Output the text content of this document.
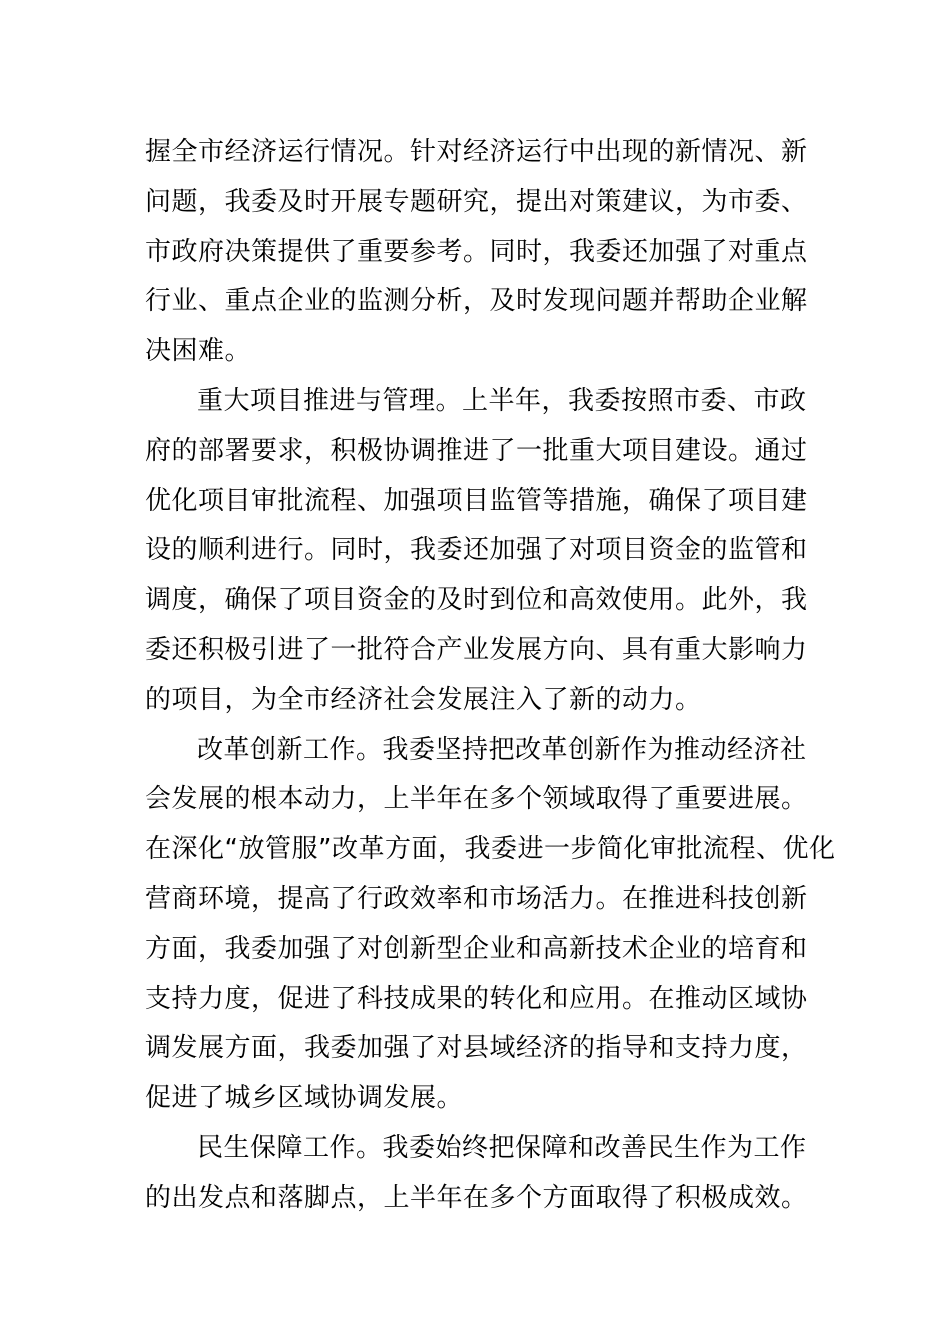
握全市经济运行情况。针对经济运行中出现的新情况、新
问题，我委及时开展专题研究，提出对策建议，为市委、
市政府决策提供了重要参考。同时，我委还加强了对重点
行业、重点企业的监测分析，及时发现问题并帮助企业解
决困难。
重大项目推进与管理。上半年，我委按照市委、市政
府的部署要求，积极协调推进了一批重大项目建设。通过
优化项目审批流程、加强项目监管等措施，确保了项目建
设的顺利进行。同时，我委还加强了对项目资金的监管和
调度，确保了项目资金的及时到位和高效使用。此外，我
委还积极引进了一批符合产业发展方向、具有重大影响力
的项目，为全市经济社会发展注入了新的动力。
改革创新工作。我委坚持把改革创新作为推动经济社
会发展的根本动力，上半年在多个领域取得了重要进展。
在深化“放管服”改革方面，我委进一步简化审批流程、优化
营商环境，提高了行政效率和市场活力。在推进科技创新
方面，我委加强了对创新型企业和高新技术企业的培育和
支持力度，促进了科技成果的转化和应用。在推动区域协
调发展方面，我委加强了对县域经济的指导和支持力度，
促进了城乡区域协调发展。
民生保障工作。我委始终把保障和改善民生作为工作
的出发点和落脚点，上半年在多个方面取得了积极成效。
